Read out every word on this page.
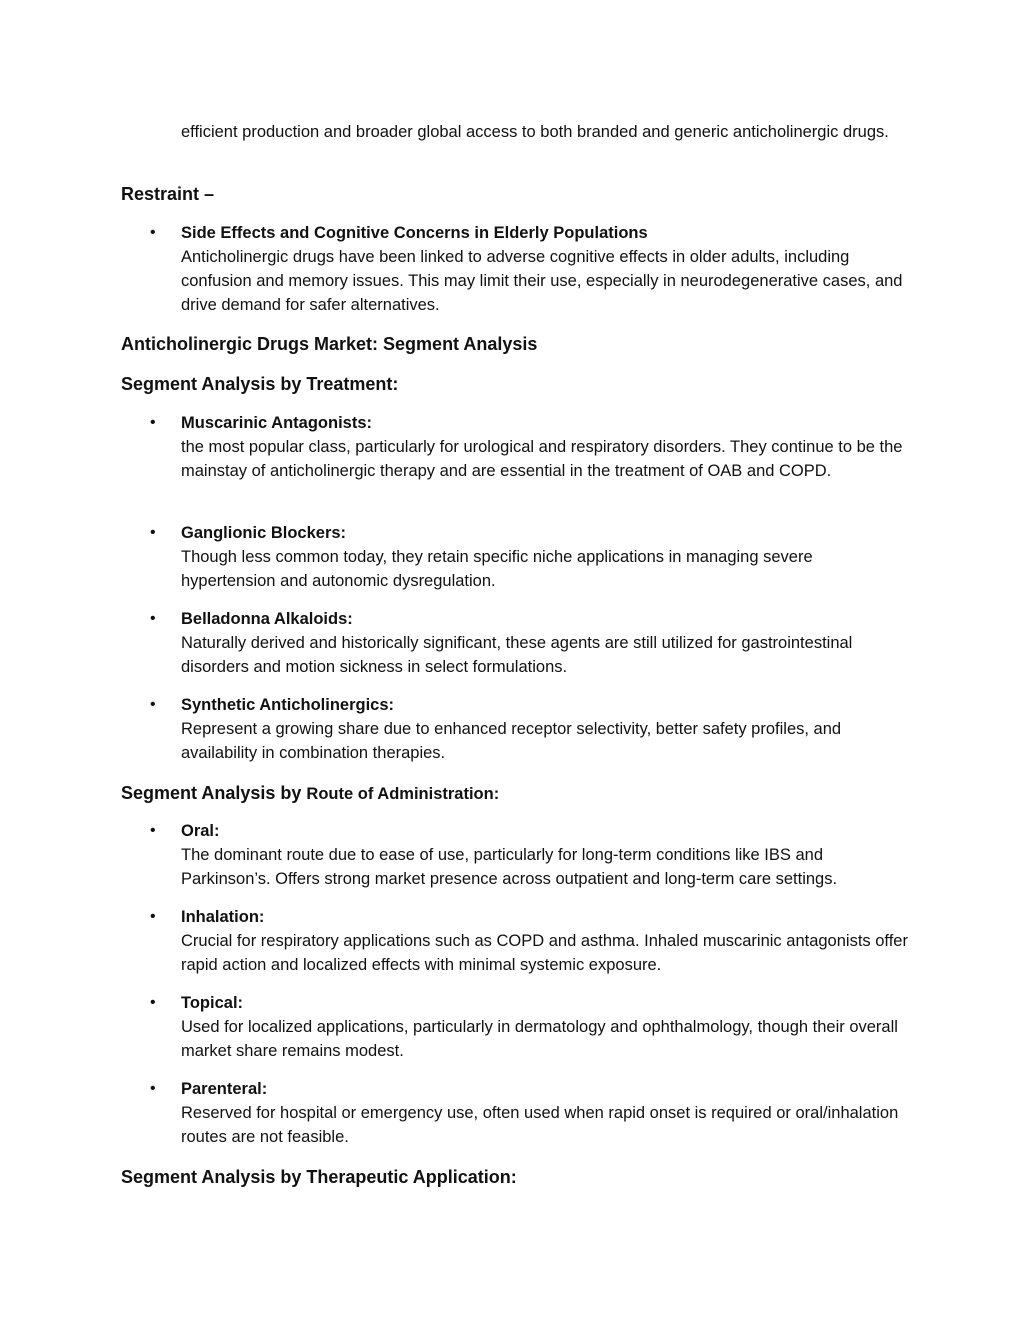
efficient production and broader global access to both branded and generic anticholinergic drugs.
Restraint –
• Side Effects and Cognitive Concerns in Elderly Populations
Anticholinergic drugs have been linked to adverse cognitive effects in older adults, including confusion and memory issues. This may limit their use, especially in neurodegenerative cases, and drive demand for safer alternatives.
Anticholinergic Drugs Market: Segment Analysis
Segment Analysis by Treatment:
• Muscarinic Antagonists:
the most popular class, particularly for urological and respiratory disorders. They continue to be the mainstay of anticholinergic therapy and are essential in the treatment of OAB and COPD.
• Ganglionic Blockers:
Though less common today, they retain specific niche applications in managing severe hypertension and autonomic dysregulation.
• Belladonna Alkaloids:
Naturally derived and historically significant, these agents are still utilized for gastrointestinal disorders and motion sickness in select formulations.
• Synthetic Anticholinergics:
Represent a growing share due to enhanced receptor selectivity, better safety profiles, and availability in combination therapies.
Segment Analysis by Route of Administration:
• Oral:
The dominant route due to ease of use, particularly for long-term conditions like IBS and Parkinson’s. Offers strong market presence across outpatient and long-term care settings.
• Inhalation:
Crucial for respiratory applications such as COPD and asthma. Inhaled muscarinic antagonists offer rapid action and localized effects with minimal systemic exposure.
• Topical:
Used for localized applications, particularly in dermatology and ophthalmology, though their overall market share remains modest.
• Parenteral:
Reserved for hospital or emergency use, often used when rapid onset is required or oral/inhalation routes are not feasible.
Segment Analysis by Therapeutic Application:
